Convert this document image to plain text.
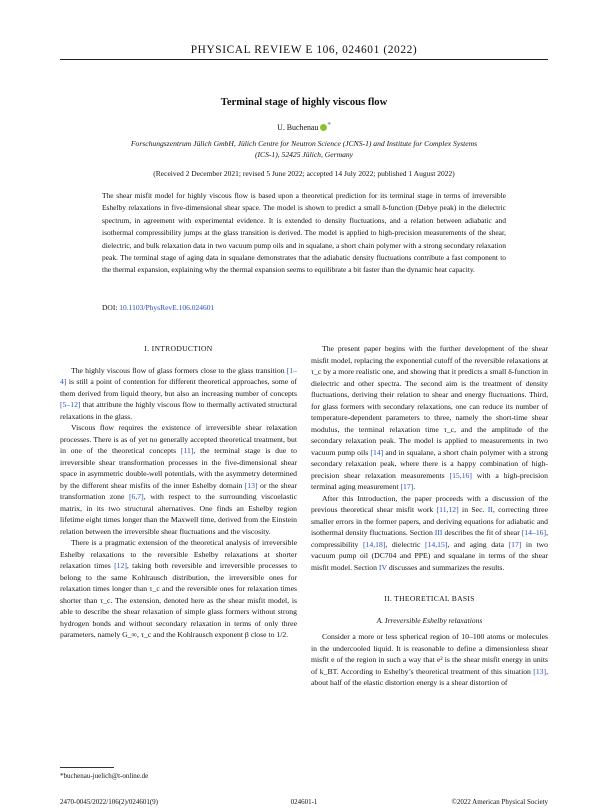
PHYSICAL REVIEW E 106, 024601 (2022)
Terminal stage of highly viscous flow
U. Buchenau *
Forschungszentrum Jülich GmbH, Jülich Centre for Neutron Science (JCNS-1) and Institute for Complex Systems
(ICS-1), 52425 Jülich, Germany
(Received 2 December 2021; revised 5 June 2022; accepted 14 July 2022; published 1 August 2022)
The shear misfit model for highly viscous flow is based upon a theoretical prediction for its terminal stage in terms of irreversible Eshelby relaxations in five-dimensional shear space. The model is shown to predict a small δ-function (Debye peak) in the dielectric spectrum, in agreement with experimental evidence. It is extended to density fluctuations, and a relation between adiabatic and isothermal compressibility jumps at the glass transition is derived. The model is applied to high-precision measurements of the shear, dielectric, and bulk relaxation data in two vacuum pump oils and in squalane, a short chain polymer with a strong secondary relaxation peak. The terminal stage of aging data in squalane demonstrates that the adiabatic density fluctuations contribute a fast component to the thermal expansion, explaining why the thermal expansion seems to equilibrate a bit faster than the dynamic heat capacity.
DOI: 10.1103/PhysRevE.106.024601
I. INTRODUCTION

The highly viscous flow of glass formers close to the glass transition [1–4] is still a point of contention for different theoretical approaches, some of them derived from liquid theory, but also an increasing number of concepts [5–12] that attribute the highly viscous flow to thermally activated structural relaxations in the glass.

Viscous flow requires the existence of irreversible shear relaxation processes. There is as of yet no generally accepted theoretical treatment, but in one of the theoretical concepts [11], the terminal stage is due to irreversible shear transformation processes in the five-dimensional shear space in asymmetric double-well potentials, with the asymmetry determined by the different shear misfits of the inner Eshelby domain [13] or the shear transformation zone [6,7], with respect to the surrounding viscoelastic matrix, in its two structural alternatives. One finds an Eshelby region lifetime eight times longer than the Maxwell time, derived from the Einstein relation between the irreversible shear fluctuations and the viscosity.

There is a pragmatic extension of the theoretical analysis of irreversible Eshelby relaxations to the reversible Eshelby relaxations at shorter relaxation times [12], taking both reversible and irreversible processes to belong to the same Kohlrausch distribution, the irreversible ones for relaxation times longer than τ_c and the reversible ones for relaxation times shorter than τ_c. The extension, denoted here as the shear misfit model, is able to describe the shear relaxation of simple glass formers without strong hydrogen bonds and without secondary relaxation in terms of only three parameters, namely G_∞, τ_c and the Kohlrausch exponent β close to 1/2.

The present paper begins with the further development of the shear misfit model, replacing the exponential cutoff of the reversible relaxations at τ_c by a more realistic one, and showing that it predicts a small δ-function in dielectric and other spectra. The second aim is the treatment of density fluctuations, deriving their relation to shear and energy fluctuations. Third, for glass formers with secondary relaxations, one can reduce its number of temperature-dependent parameters to three, namely the short-time shear modulus, the terminal relaxation time τ_c, and the amplitude of the secondary relaxation peak. The model is applied to measurements in two vacuum pump oils [14] and in squalane, a short chain polymer with a strong secondary relaxation peak, where there is a happy combination of high-precision shear relaxation measurements [15,16] with a high-precision terminal aging measurement [17].

After this Introduction, the paper proceeds with a discussion of the previous theoretical shear misfit work [11,12] in Sec. II, correcting three smaller errors in the former papers, and deriving equations for adiabatic and isothermal density fluctuations. Section III describes the fit of shear [14–16], compressibility [14,18], dielectric [14,15], and aging data [17] in two vacuum pump oil (DC704 and PPE) and squalane in terms of the shear misfit model. Section IV discusses and summarizes the results.

II. THEORETICAL BASIS
A. Irreversible Eshelby relaxations

Consider a more or less spherical region of 10–100 atoms or molecules in the undercooled liquid. It is reasonable to define a dimensionless shear misfit e of the region in such a way that e² is the shear misfit energy in units of k_BT. According to Eshelby’s theoretical treatment of this situation [13], about half of the elastic distortion energy is a shear distortion of

*buchenau-juelich@t-online.de
2470-0045/2022/106(2)/024601(9)	024601-1	©2022 American Physical Society
